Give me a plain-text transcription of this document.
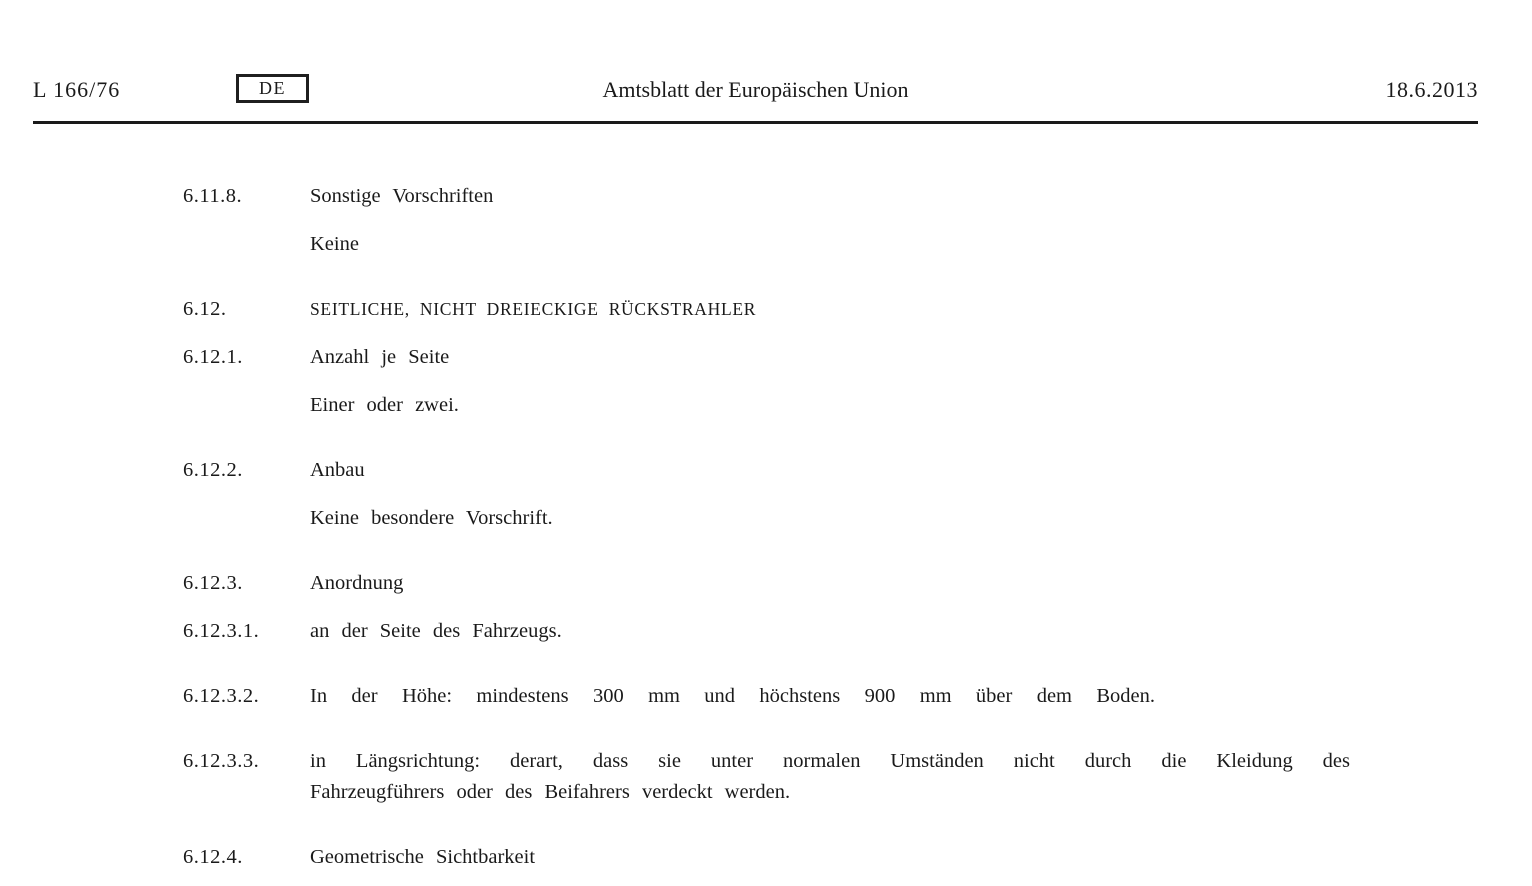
L 166/76	DE	Amtsblatt der Europäischen Union	18.6.2013
6.11.8.	Sonstige Vorschriften
Keine
6.12.	SEITLICHE, NICHT DREIECKIGE RÜCKSTRAHLER
6.12.1.	Anzahl je Seite
Einer oder zwei.
6.12.2.	Anbau
Keine besondere Vorschrift.
6.12.3.	Anordnung
6.12.3.1.	an der Seite des Fahrzeugs.
6.12.3.2.	In der Höhe: mindestens 300 mm und höchstens 900 mm über dem Boden.
6.12.3.3.	in Längsrichtung: derart, dass sie unter normalen Umständen nicht durch die Kleidung des
Fahrzeugführers oder des Beifahrers verdeckt werden.
6.12.4.	Geometrische Sichtbarkeit
